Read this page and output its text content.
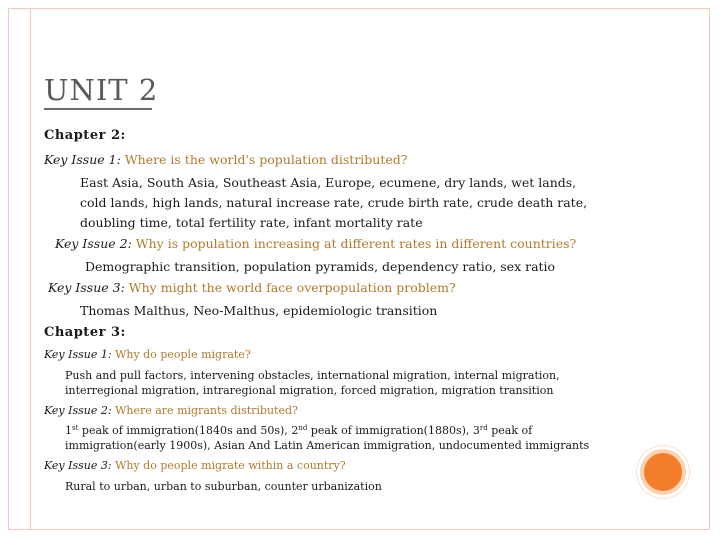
UNIT 2
Chapter 2:
Key Issue 1: Where is the world's population distributed?
East Asia, South Asia, Southeast Asia, Europe, ecumene, dry lands, wet lands,
cold lands, high lands, natural increase rate, crude birth rate, crude death rate,
doubling time, total fertility rate, infant mortality rate
Key Issue 2: Why is population increasing at different rates in different countries?
Demographic transition, population pyramids, dependency ratio, sex ratio
Key Issue 3: Why might the world face overpopulation problem?
Thomas Malthus, Neo-Malthus, epidemiologic transition
Chapter 3:
Key Issue 1: Why do people migrate?
Push and pull factors, intervening obstacles, international migration, internal migration,
interregional migration, intraregional migration, forced migration, migration transition
Key Issue 2: Where are migrants distributed?
1st peak of immigration(1840s and 50s), 2nd peak of immigration(1880s), 3rd peak of
immigration(early 1900s), Asian And Latin American immigration, undocumented immigrants
Key Issue 3: Why do people migrate within a country?
Rural to urban, urban to suburban, counter urbanization
